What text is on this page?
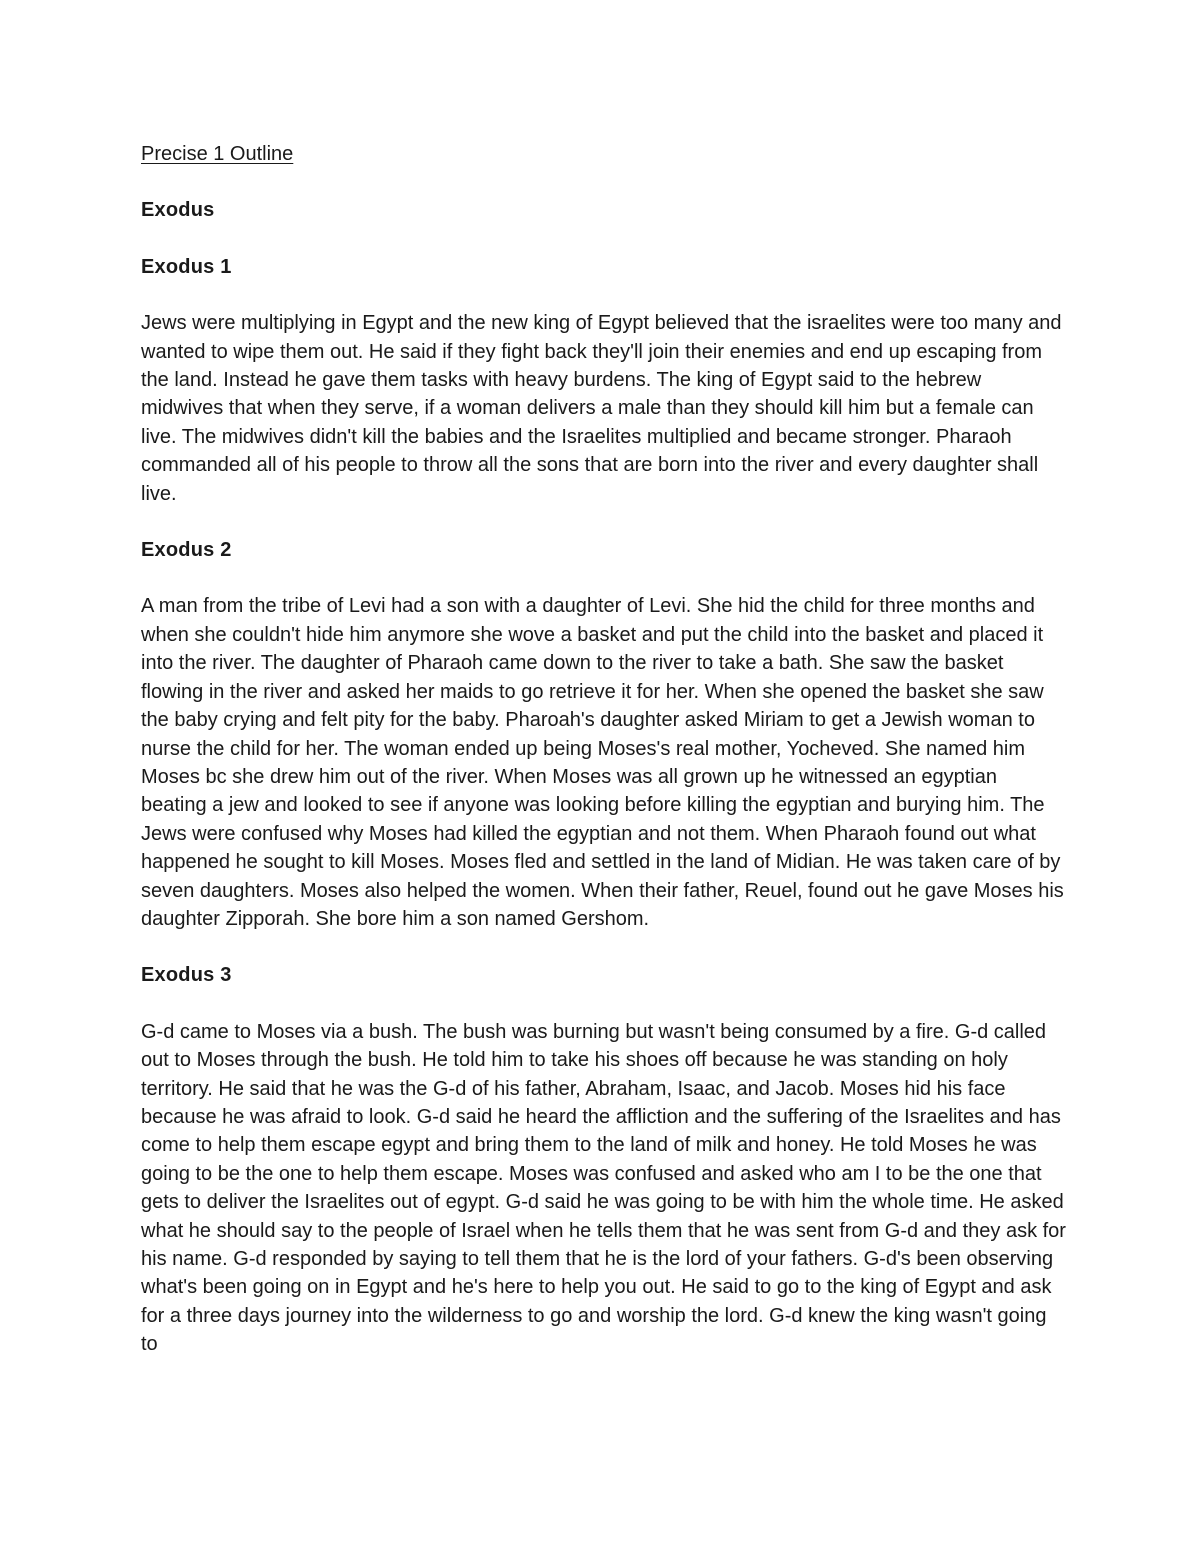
Precise 1 Outline

Exodus

Exodus 1

Jews were multiplying in Egypt and the new king of Egypt believed that the israelites were too many and wanted to wipe them out. He said if they fight back they'll join their enemies and end up escaping from the land. Instead he gave them tasks with heavy burdens. The king of Egypt said to the hebrew midwives that when they serve, if a woman delivers a male than they should kill him but a female can live. The midwives didn't kill the babies and the Israelites multiplied and became stronger. Pharaoh commanded all of his people to throw all the sons that are born into the river and every daughter shall live.

Exodus 2

A man from the tribe of Levi had a son with a daughter of Levi. She hid the child for three months and when she couldn't hide him anymore she wove a basket and put the child into the basket and placed it into the river. The daughter of Pharaoh came down to the river to take a bath. She saw the basket flowing in the river and asked her maids to go retrieve it for her. When she opened the basket she saw the baby crying and felt pity for the baby. Pharoah's daughter asked Miriam to get a Jewish woman to nurse the child for her. The woman ended up being Moses's real mother, Yocheved. She named him Moses bc she drew him out of the river. When Moses was all grown up he witnessed an egyptian beating a jew and looked to see if anyone was looking before killing the egyptian and burying him. The Jews were confused why Moses had killed the egyptian and not them. When Pharaoh found out what happened he sought to kill Moses. Moses fled and settled in the land of Midian. He was taken care of by seven daughters. Moses also helped the women. When their father, Reuel, found out he gave Moses his daughter Zipporah. She bore him a son named Gershom.

Exodus 3

G-d came to Moses via a bush. The bush was burning but wasn't being consumed by a fire. G-d called out to Moses through the bush. He told him to take his shoes off because he was standing on holy territory. He said that he was the G-d of his father, Abraham, Isaac, and Jacob. Moses hid his face because he was afraid to look. G-d said he heard the affliction and the suffering of the Israelites and has come to help them escape egypt and bring them to the land of milk and honey. He told Moses he was going to be the one to help them escape. Moses was confused and asked who am I to be the one that gets to deliver the Israelites out of egypt. G-d said he was going to be with him the whole time. He asked what he should say to the people of Israel when he tells them that he was sent from G-d and they ask for his name. G-d responded by saying to tell them that he is the lord of your fathers. G-d's been observing what's been going on in Egypt and he's here to help you out. He said to go to the king of Egypt and ask for a three days journey into the wilderness to go and worship the lord. G-d knew the king wasn't going to
